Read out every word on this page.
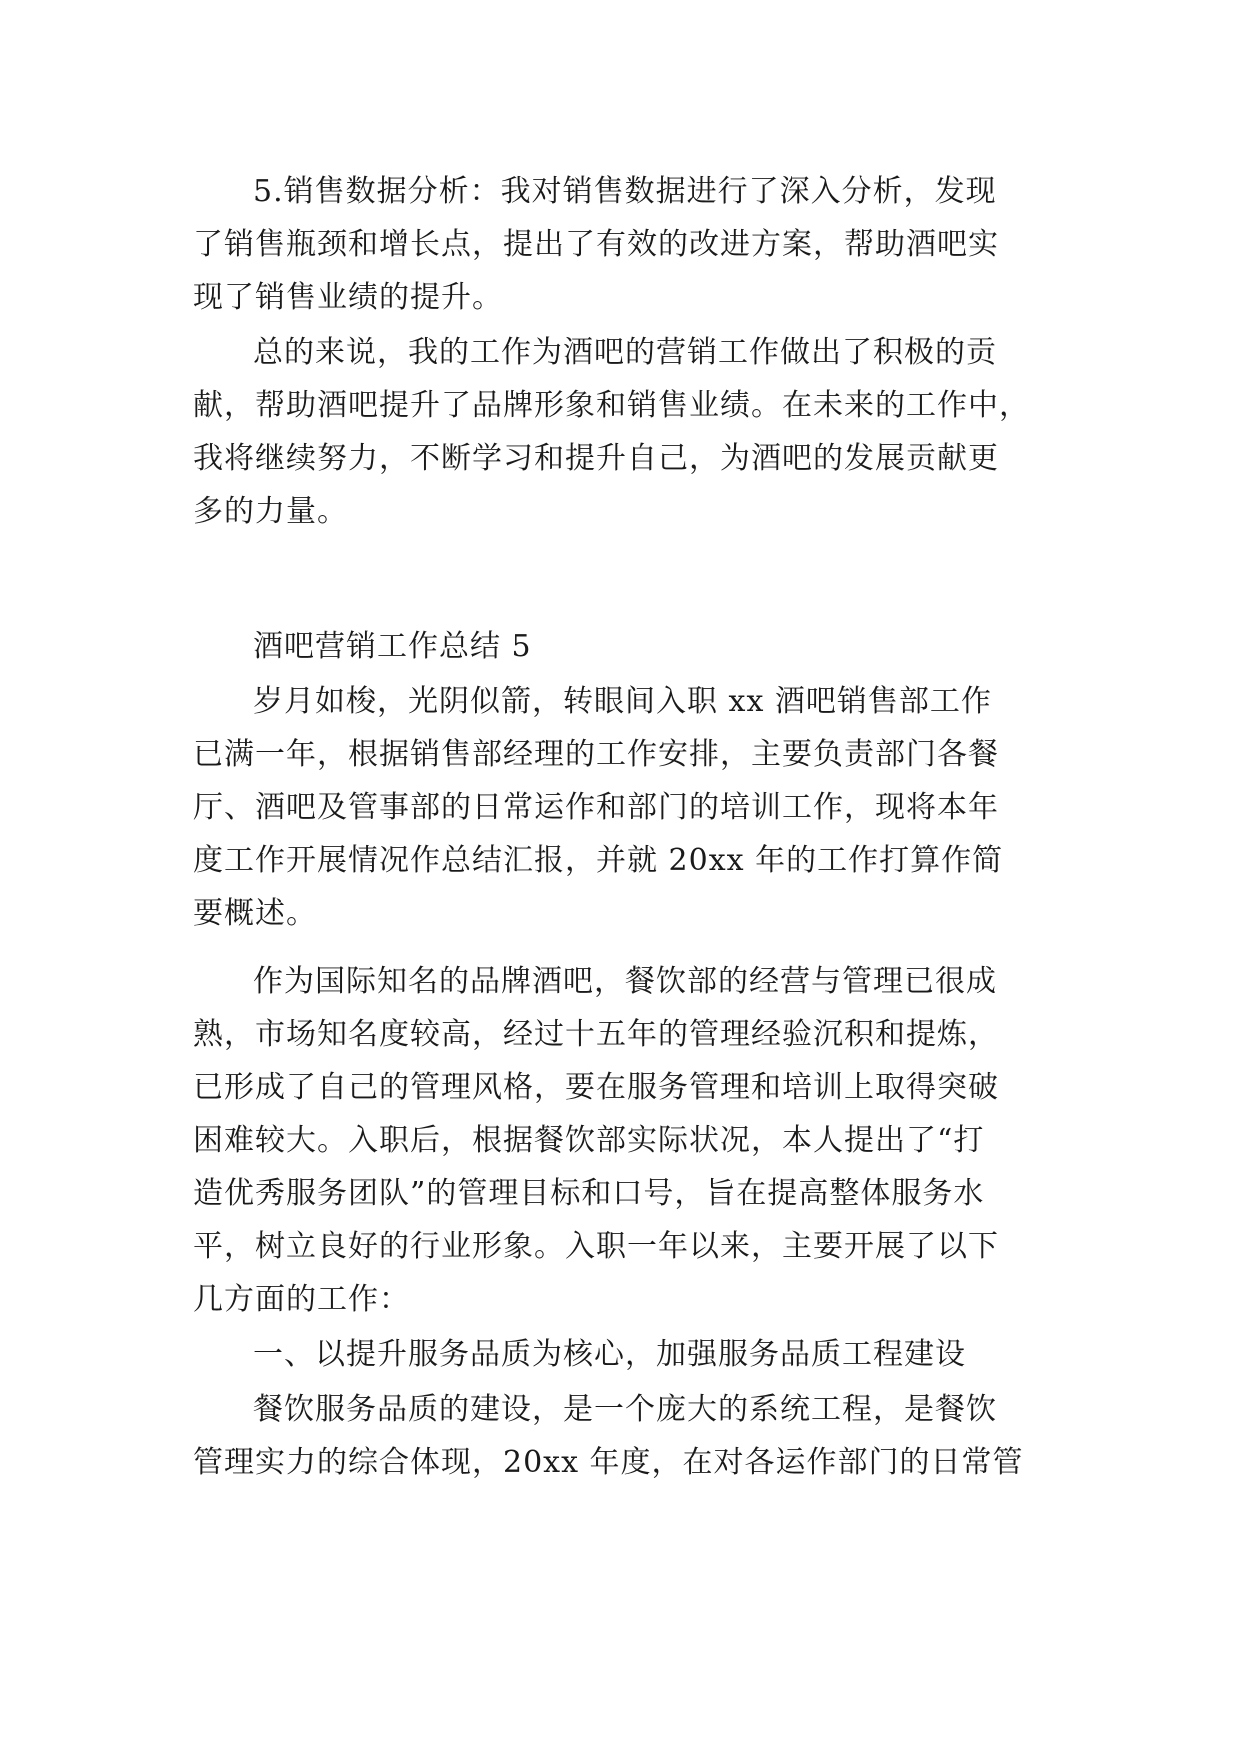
5.销售数据分析：我对销售数据进行了深入分析，发现
了销售瓶颈和增长点，提出了有效的改进方案，帮助酒吧实
现了销售业绩的提升。
总的来说，我的工作为酒吧的营销工作做出了积极的贡
献，帮助酒吧提升了品牌形象和销售业绩。在未来的工作中，
我将继续努力，不断学习和提升自己，为酒吧的发展贡献更
多的力量。
酒吧营销工作总结 5
岁月如梭，光阴似箭，转眼间入职 xx 酒吧销售部工作
已满一年，根据销售部经理的工作安排，主要负责部门各餐
厅、酒吧及管事部的日常运作和部门的培训工作，现将本年
度工作开展情况作总结汇报，并就 20xx 年的工作打算作简
要概述。
作为国际知名的品牌酒吧，餐饮部的经营与管理已很成
熟，市场知名度较高，经过十五年的管理经验沉积和提炼，
已形成了自己的管理风格，要在服务管理和培训上取得突破
困难较大。入职后，根据餐饮部实际状况，本人提出了“打
造优秀服务团队”的管理目标和口号，旨在提高整体服务水
平，树立良好的行业形象。入职一年以来，主要开展了以下
几方面的工作：
一、以提升服务品质为核心，加强服务品质工程建设
餐饮服务品质的建设，是一个庞大的系统工程，是餐饮
管理实力的综合体现，20xx 年度，在对各运作部门的日常管
